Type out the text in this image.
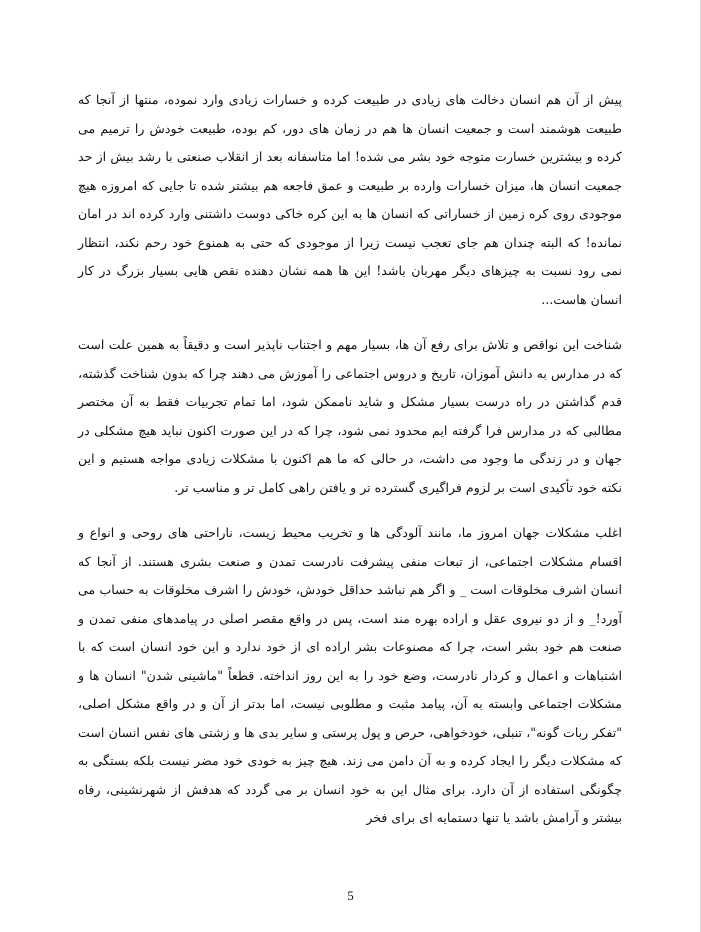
پیش از آن هم انسان دخالت های زیادی در طبیعت کرده و خسارات زیادی وارد نموده، منتها از آنجا که طبیعت هوشمند است و جمعیت انسان ها هم در زمان های دور، کم بوده، طبیعت خودش را ترمیم می کرده و بیشترین خسارت متوجه خود بشر می شده! اما متاسفانه بعد از انقلاب صنعتی با رشد بیش از حد جمعیت انسان ها، میزان خسارات وارده بر طبیعت و عمق فاجعه هم بیشتر شده تا جایی که امروزه هیچ موجودی روی کره زمین از خساراتی که انسان ها به این کره خاکی دوست داشتنی وارد کرده اند در امان نمانده! که البته چندان هم جای تعجب نیست زیرا از موجودی که حتی به همنوع خود رحم نکند، انتظار نمی رود نسبت به چیزهای دیگر مهربان باشد! این ها همه نشان دهنده نقص هایی بسیار بزرگ در کار انسان هاست...

شناخت این نواقص و تلاش برای رفع آن ها، بسیار مهم و اجتناب ناپذیر است و دقیقاً به همین علت است که در مدارس به دانش آموزان، تاریخ و دروس اجتماعی را آموزش می دهند چرا که بدون شناخت گذشته، قدم گذاشتن در راه درست بسیار مشکل و شاید ناممکن شود، اما تمام تجربیات فقط به آن مختصر مطالبی که در مدارس فرا گرفته ایم محدود نمی شود، چرا که در این صورت اکنون نباید هیچ مشکلی در جهان و در زندگی ما وجود می داشت، در حالی که ما هم اکنون با مشکلات زیادی مواجه هستیم و این نکته خود تأکیدی است بر لزوم فراگیری گسترده تر و یافتن راهی کامل تر و مناسب تر.

اغلب مشکلات جهان امروز ما، مانند آلودگی ها و تخریب محیط زیست، ناراحتی های روحی و انواع و اقسام مشکلات اجتماعی، از تبعات منفی پیشرفت نادرست تمدن و صنعت بشری هستند. از آنجا که انسان اشرف مخلوقات است _ و اگر هم نباشد حداقل خودش، خودش را اشرف مخلوقات به حساب می آورد!_ و از دو نیروی عقل و اراده بهره مند است، پس در واقع مقصر اصلی در پیامدهای منفی تمدن و صنعت هم خود بشر است، چرا که مصنوعات بشر اراده ای از خود ندارد و این خود انسان است که با اشتباهات و اعمال و کردار نادرست، وضع خود را به این روز انداخته. قطعاً "ماشینی شدن" انسان ها و مشکلات اجتماعی وابسته به آن، پیامد مثبت و مطلوبی نیست، اما بدتر از آن و در واقع مشکل اصلی، "تفکر ربات گونه"، تنبلی، خودخواهی، حرص و پول پرستی و سایر بدی ها و زشتی های نفس انسان است که مشکلات دیگر را ایجاد کرده و به آن دامن می زند. هیچ چیز به خودی خود مضر نیست بلکه بستگی به چگونگی استفاده از آن دارد. برای مثال این به خود انسان بر می گردد که هدفش از شهرنشینی، رفاه بیشتر و آرامش باشد یا تنها دستمایه ای برای فخر

5
